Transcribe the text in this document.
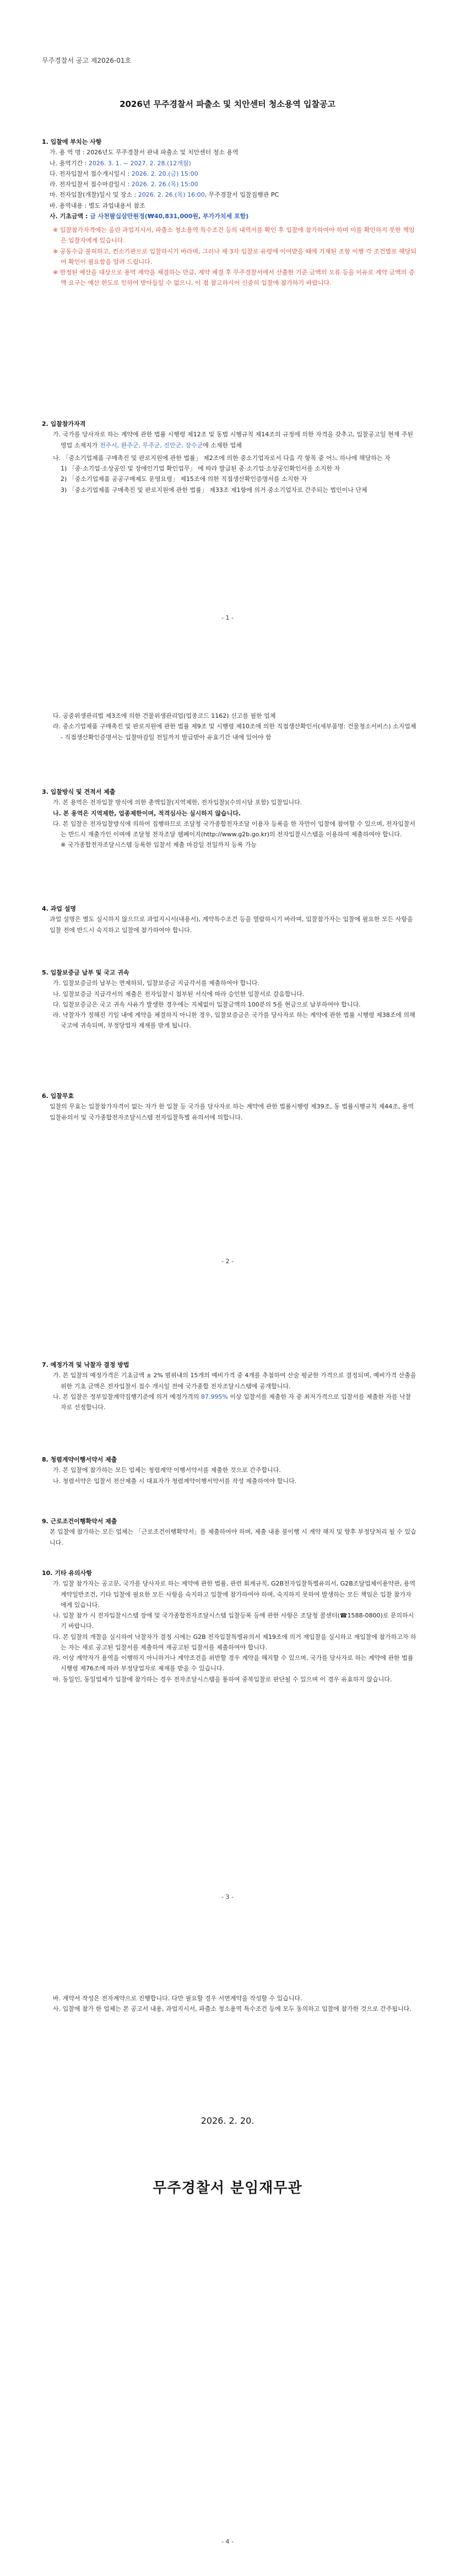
무주경찰서 공고 제2026-01호
2026년 무주경찰서 파출소 및 치안센터 청소용역 입찰공고
1. 입찰에 부치는 사항
가. 용 역 명 : 2026년도 무주경찰서 관내 파출소 및 치안센터 청소 용역
나. 용역기간 : 2026. 3. 1. ~ 2027. 2. 28.(12개월)
다. 전자입찰서 접수개시일시 : 2026. 2. 20.(금) 15:00
라. 전자입찰서 접수마감일시 : 2026. 2. 26.(목) 15:00
마. 전자입찰(개찰)일시 및 장소 : 2026. 2. 26.(목) 16:00, 무주경찰서 입찰집행관 PC
바. 용역내용 : 별도 과업내용서 참조
사. 기초금액 : 금 사천팔십삼만원정(₩40,831,000원, 부가가치세 포함)
※ 입찰참가자격에는 올린 과업지시서, 파출소 청소용역 특수조건 등의 내역서를 확인 후 입찰에 참가하여야 하며 이를 확인하지 못한 책임은 입찰자에게 있습니다.
※ 공동수급 불허하고, 컨소기관으로 입찰하시기 바라며, 그러나 제 3자 입찰로 유령에 이어받을 때에 기재된 조항 이행 각 조건별로 해당되어 확인이 필요함을 알려 드립니다.
※ 한정된 예산을 대상으로 용역 계약을 체결하는 만큼, 계약 체결 후 무주경찰서에서 산출한 기준 금액의 오류 등을 이유로 계약 금액의 증액 요구는 예산 한도로 인하여 받아들일 수 없으니, 이 점 참고하시어 신중히 입찰에 참가하기 바랍니다.
2. 입찰참가자격
가. 국가를 당사자로 하는 계약에 관한 법률 시행령 제12조 및 동법 시행규칙 제14조의 규정에 의한 자격을 갖추고, 입찰공고일 현재 주된 영업 소재지가 전주시, 완주군, 무주군, 진안군, 장수군에 소재한 업체
나. 「중소기업제품 구매촉진 및 판로지원에 관한 법률」 제2조에 의한 중소기업자로서 다음 각 항목 중 어느 하나에 해당하는 자
1) 「중·소기업·소상공인 및 장애인기업 확인업무」 에 따라 발급된 중·소기업·소상공인확인서를 소지한 자
2) 「중소기업제품 공공구매제도 운영요령」 제15조에 의한 직접생산확인증명서를 소지한 자
3) 「중소기업제품 구매촉진 및 판로지원에 관한 법률」 제33조 제1항에 의거 중소기업자로 간주되는 법인이나 단체
- 1 -
다. 공중위생관리법 제3조에 의한 건물위생관리업(업종코드 1162) 신고를 필한 업체
라. 중소기업제품 구매촉진 및 판로지원에 관한 법률 제9조 및 시행령 제10조에 의한 직접생산확인서(세부품명: 건물청소서비스) 소지업체
- 직접생산확인증명서는 입찰마감일 전일까지 발급받아 유효기간 내에 있어야 함
3. 입찰방식 및 견적서 제출
가. 본 용역은 전자입찰 방식에 의한 총액입찰(지역제한, 전자입찰)(수의시담 포함) 입찰입니다.
나. 본 용역은 지역제한, 업종제한이며, 적격심사는 실시하지 않습니다.
다. 본 입찰은 전자입찰방식에 의하여 집행하므로 조달청 국가종합전자조달 이용자 등록을 한 자만이 입찰에 참여할 수 있으며, 전자입찰서는 반드시 재출가인 이며에 조달청 전자조달 웹페이지(http://www.g2b.go.kr)의 전자입찰시스템을 이용하여 제출하여야 합니다.
※ 국가종합전자조달시스템 등록한 입찰서 제출 마감일 전일까지 등록 가능
4. 과업 설명
과업 설명은 별도 실시하지 않으므로 과업지시서(내용서), 계약특수조건 등을 열람하시기 바라며, 입찰참가자는 입찰에 필요한 모든 사항을 입찰 전에 반드시 숙지하고 입찰에 참가하여야 합니다.
5. 입찰보증금 납부 및 국고 귀속
가. 입찰보증금의 납부는 면제하되, 입찰보증금 지급각서를 제출하여야 합니다.
나. 입찰보증금 지급각서의 제출은 전자입찰시 첨부된 서식에 따라 승인한 입찰서로 갈음합니다.
다. 입찰보증금은 국고 귀속 사유가 발생한 경우에는 지체없이 입찰금액의 100분의 5를 현금으로 납부하여야 합니다.
라. 낙찰자가 정해진 기일 내에 계약을 체결하지 아니한 경우, 입찰보증금은 국가를 당사자로 하는 계약에 관한 법률 시행령 제38조에 의해 국고에 귀속되며, 부정당업자 제재를 받게 됩니다.
6. 입찰무효
입찰의 무효는 입찰참가자격이 없는 자가 한 입찰 등 국가를 당사자로 하는 계약에 관한 법률시행령 제39조, 동 법률시행규칙 제44조, 용역 입찰유의서 및 국가종합전자조달시스템 전자입찰특별 유의서에 의합니다.
- 2 -
7. 예정가격 및 낙찰자 결정 방법
가. 본 입찰의 예정가격은 기초금액 ± 2% 범위내의 15개의 예비가격 중 4개를 추첨하여 산술 평균한 가격으로 결정되며, 예비가격 산출을 위한 기초 금액은 전자입찰서 접수 개시일 전에 국가종합 전자조달시스템에 공개합니다.
나. 본 입찰은 정부입찰계약집행기준에 의거 예정가격의 87.995% 이상 입찰서를 제출한 자 중 최저가격으로 입찰서를 제출한 자를 낙찰자로 선정합니다.
8. 청렴계약이행서약서 제출
가. 본 입찰에 참가하는 모든 업체는 청렴계약 이행서약서를 제출한 것으로 간주합니다.
나. 청렴서약은 입찰서 전산제출 시 대표자가 청렴계약이행서약서를 작성 제출하여야 합니다.
9. 근로조건이행확약서 제출
본 입찰에 참가하는 모든 업체는 「근로조건이행확약서」를 제출하여야 하며, 제출 내용 불이행 시 계약 해지 및 향후 부정당처리 될 수 있습니다.
10. 기타 유의사항
가. 입찰 참가자는 공고문, 국가를 당사자로 하는 계약에 관한 법률, 관련 회계규칙, G2B전자입찰특별유의서, G2B조달업체이용약관, 용역계약일반조건, 기타 입찰에 필요한 모든 사항을 숙지하고 입찰에 참가하여야 하며, 숙지하지 못하여 발생하는 모든 책임은 입찰 참가자에게 있습니다.
나. 입찰 참가 시 전자입찰시스템 장애 및 국가종합전자조달시스템 입찰등록 등에 관한 사항은 조달청 콜센터(☎1588-0800)로 문의하시기 바랍니다.
다. 본 입찰의 개찰을 실시하여 낙찰자가 결정 시에는 G2B 전자입찰특별유의서 제19조에 의거 재입찰을 실시하고 재입찰에 참가하고자 하는 자는 새로 공고된 입찰서를 제출하여 재공고된 입찰서를 제출하여야 합니다.
라. 이상 계약자가 용역을 이행하지 아니하거나 계약조건을 위반할 경우 계약을 해지할 수 있으며, 국가를 당사자로 하는 계약에 관한 법률 시행령 제76조에 따라 부정당업자로 제재를 받을 수 있습니다.
마. 동일인, 동일업체가 입찰에 참가하는 경우 전자조달시스템을 통하여 중복입찰로 판단될 수 있으며 이 경우 유효하지 않습니다.
- 3 -
바. 계약서 작성은 전자계약으로 진행합니다. 다만 필요할 경우 서면계약을 작성할 수 있습니다.
사. 입찰에 참가 한 업체는 본 공고서 내용, 과업지시서, 파출소 청소용역 특수조건 등에 모두 동의하고 입찰에 참가한 것으로 간주됩니다.
2026. 2. 20.
무주경찰서 분임재무관
- 4 -
